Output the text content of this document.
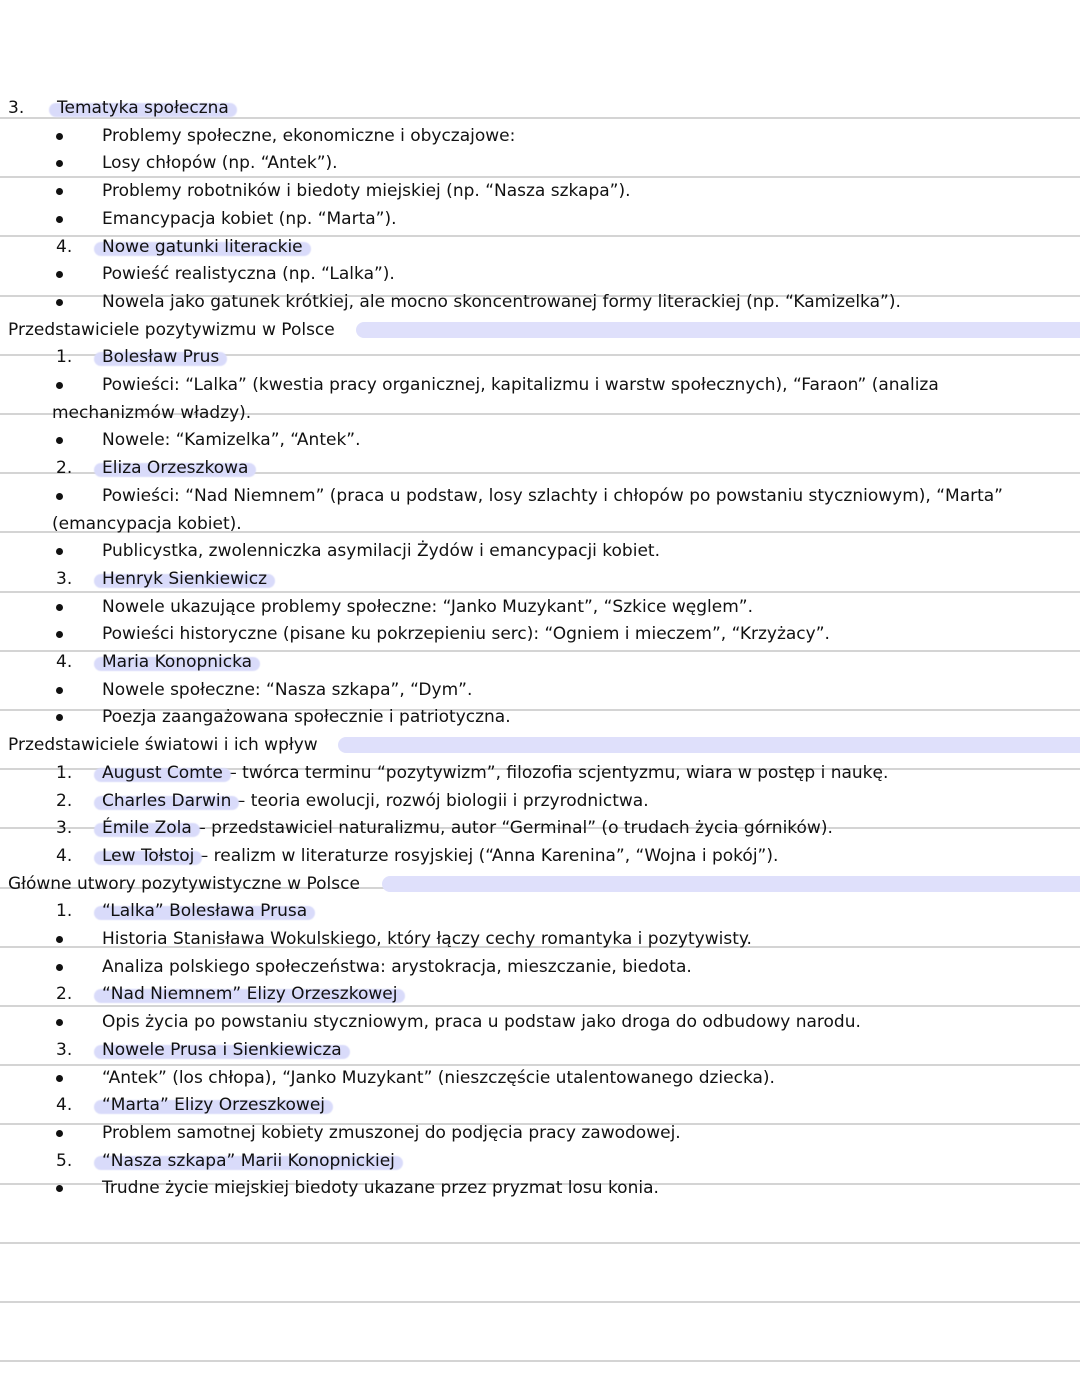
3. Tematyka społeczna
Problemy społeczne, ekonomiczne i obyczajowe:
Losy chłopów (np. “Antek”).
Problemy robotników i biedoty miejskiej (np. “Nasza szkapa”).
Emancypacja kobiet (np. “Marta”).
4. Nowe gatunki literackie
Powieść realistyczna (np. “Lalka”).
Nowela jako gatunek krótkiej, ale mocno skoncentrowanej formy literackiej (np. “Kamizelka”).
Przedstawiciele pozytywizmu w Polsce
1. Bolesław Prus
Powieści: “Lalka” (kwestia pracy organicznej, kapitalizmu i warstw społecznych), “Faraon” (analiza
mechanizmów władzy).
Nowele: “Kamizelka”, “Antek”.
2. Eliza Orzeszkowa
Powieści: “Nad Niemnem” (praca u podstaw, losy szlachty i chłopów po powstaniu styczniowym), “Marta”
(emancypacja kobiet).
Publicystka, zwolenniczka asymilacji Żydów i emancypacji kobiet.
3. Henryk Sienkiewicz
Nowele ukazujące problemy społeczne: “Janko Muzykant”, “Szkice węglem”.
Powieści historyczne (pisane ku pokrzepieniu serc): “Ogniem i mieczem”, “Krzyżacy”.
4. Maria Konopnicka
Nowele społeczne: “Nasza szkapa”, “Dym”.
Poezja zaangażowana społecznie i patriotyczna.
Przedstawiciele światowi i ich wpływ
1. August Comte – twórca terminu “pozytywizm”, filozofia scjentyzmu, wiara w postęp i naukę.
2. Charles Darwin – teoria ewolucji, rozwój biologii i przyrodnictwa.
3. Émile Zola – przedstawiciel naturalizmu, autor “Germinal” (o trudach życia górników).
4. Lew Tołstoj – realizm w literaturze rosyjskiej (“Anna Karenina”, “Wojna i pokój”).
Główne utwory pozytywistyczne w Polsce
1. “Lalka” Bolesława Prusa
Historia Stanisława Wokulskiego, który łączy cechy romantyka i pozytywisty.
Analiza polskiego społeczeństwa: arystokracja, mieszczanie, biedota.
2. “Nad Niemnem” Elizy Orzeszkowej
Opis życia po powstaniu styczniowym, praca u podstaw jako droga do odbudowy narodu.
3. Nowele Prusa i Sienkiewicza
“Antek” (los chłopa), “Janko Muzykant” (nieszczęście utalentowanego dziecka).
4. “Marta” Elizy Orzeszkowej
Problem samotnej kobiety zmuszonej do podjęcia pracy zawodowej.
5. “Nasza szkapa” Marii Konopnickiej
Trudne życie miejskiej biedoty ukazane przez pryzmat losu konia.
